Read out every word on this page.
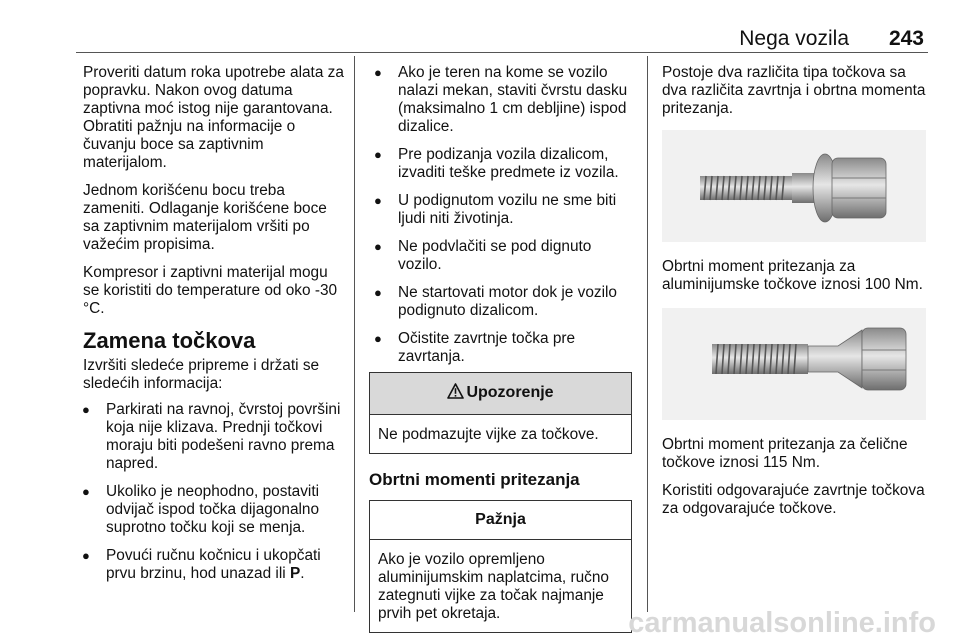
Nega vozila 243

Proveriti datum roka upotrebe alata za popravku. Nakon ovog datuma zaptivna moć istog nije garantovana. Obratiti pažnju na informacije o čuvanju boce sa zaptivnim materijalom.

Jednom korišćenu bocu treba zameniti. Odlaganje korišćene boce sa zaptivnim materijalom vršiti po važećim propisima.

Kompresor i zaptivni materijal mogu se koristiti do temperature od oko -30 °C.

Zamena točkova

Izvršiti sledeće pripreme i držati se sledećih informacija:

● Parkirati na ravnoj, čvrstoj površini koja nije klizava. Prednji točkovi moraju biti podešeni ravno prema napred.
● Ukoliko je neophodno, postaviti odvijač ispod točka dijagonalno suprotno točku koji se menja.
● Povući ručnu kočnicu i ukopčati prvu brzinu, hod unazad ili P.
● Ako je teren na kome se vozilo nalazi mekan, staviti čvrstu dasku (maksimalno 1 cm debljine) ispod dizalice.
● Pre podizanja vozila dizalicom, izvaditi teške predmete iz vozila.
● U podignutom vozilu ne sme biti ljudi niti životinja.
● Ne podvlačiti se pod dignuto vozilo.
● Ne startovati motor dok je vozilo podignuto dizalicom.
● Očistite zavrtnje točka pre zavrtanja.
Upozorenje
Ne podmazujte vijke za točkove.
Obrtni momenti pritezanja
Pažnja
Ako je vozilo opremljeno aluminijumskim naplatcima, ručno zategnuti vijke za točak najmanje prvih pet okretaja.

Postoje dva različita tipa točkova sa dva različita zavrtnja i obrtna momenta pritezanja.

Obrtni moment pritezanja za aluminijumske točkove iznosi 100 Nm.

Obrtni moment pritezanja za čelične točkove iznosi 115 Nm.

Koristiti odgovarajuće zavrtnje točkova za odgovarajuće točkove.

carmanualsonline.info
